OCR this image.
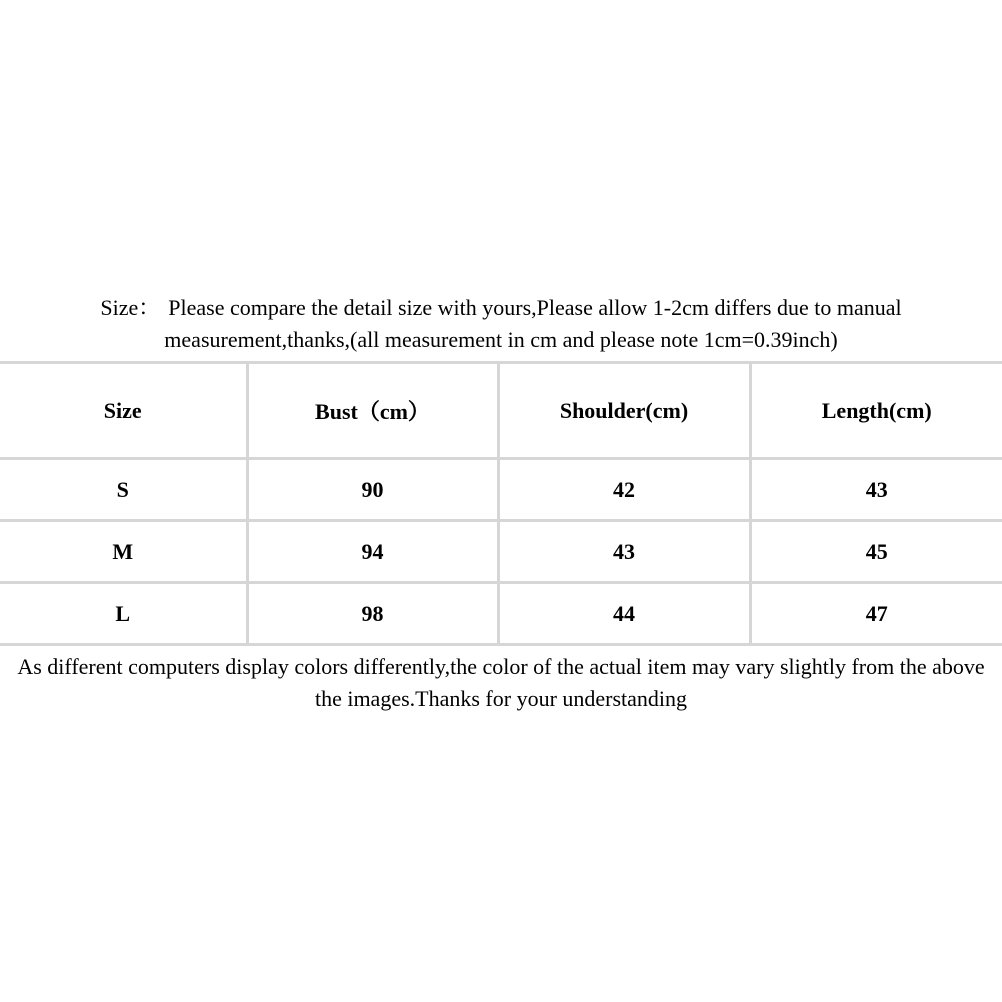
Size： Please compare the detail size with yours,Please allow 1-2cm differs due to manual
measurement,thanks,(all measurement in cm and please note 1cm=0.39inch)
Size	Bust（cm）	Shoulder(cm)	Length(cm)
S	90	42	43
M	94	43	45
L	98	44	47
As different computers display colors differently,the color of the actual item may vary slightly from the above
the images.Thanks for your understanding
